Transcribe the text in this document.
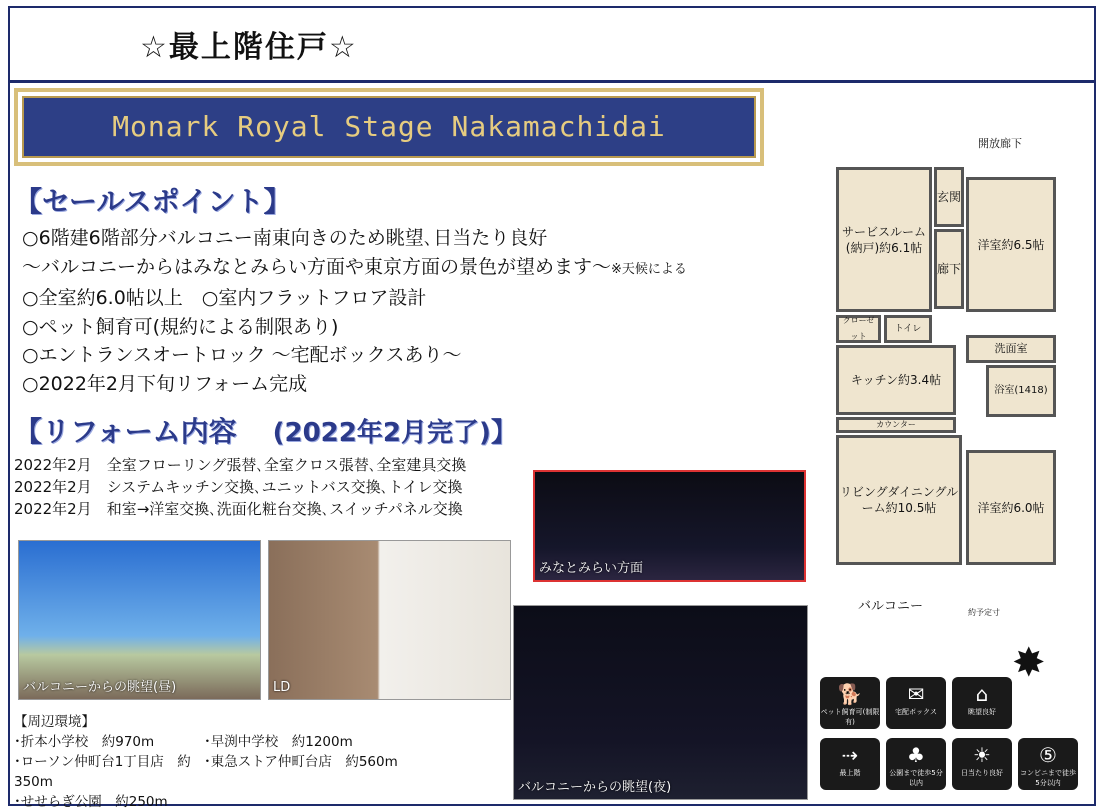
☆最上階住戸☆
Monark Royal Stage Nakamachidai
【セールスポイント】
○6階建6階部分バルコニー南東向きのため眺望､日当たり良好
～バルコニーからはみなとみらい方面や東京方面の景色が望めます～※天候による
○全室約6.0帖以上　○室内フラットフロア設計
○ペット飼育可(規約による制限あり)
○エントランスオートロック ～宅配ボックスあり～
○2022年2月下旬リフォーム完成
【リフォーム内容 (2022年2月完了)】
2022年2月　全室フローリング張替､全室クロス張替､全室建具交換
2022年2月　システムキッチン交換､ユニットバス交換､トイレ交換
2022年2月　和室→洋室交換､洗面化粧台交換､スイッチパネル交換
バルコニーからの眺望(昼)	LD
みなとみらい方面
バルコニーからの眺望(夜)
【周辺環境】
･折本小学校　約970m	･早渕中学校　約1200m
･ローソン仲町台1丁目店　約350m
･東急ストア仲町台店　約560m
･せせらぎ公園　約250m
開放廊下
サービスルーム(納戸)約6.1帖
玄関
廊下
洋室約6.5帖
クローゼット
トイレ
キッチン約3.4帖
カウンター
洗面室
浴室(1418)
リビングダイニングルーム約10.5帖	洋室約6.0帖
バルコニー	約予定寸
✸
🐕
ペット飼育可(制限有)
✉
宅配ボックス
⌂
眺望良好
⇢
最上階
♣
公園まで徒歩5分以内
☀
日当たり良好
⑤
コンビニまで徒歩5分以内
